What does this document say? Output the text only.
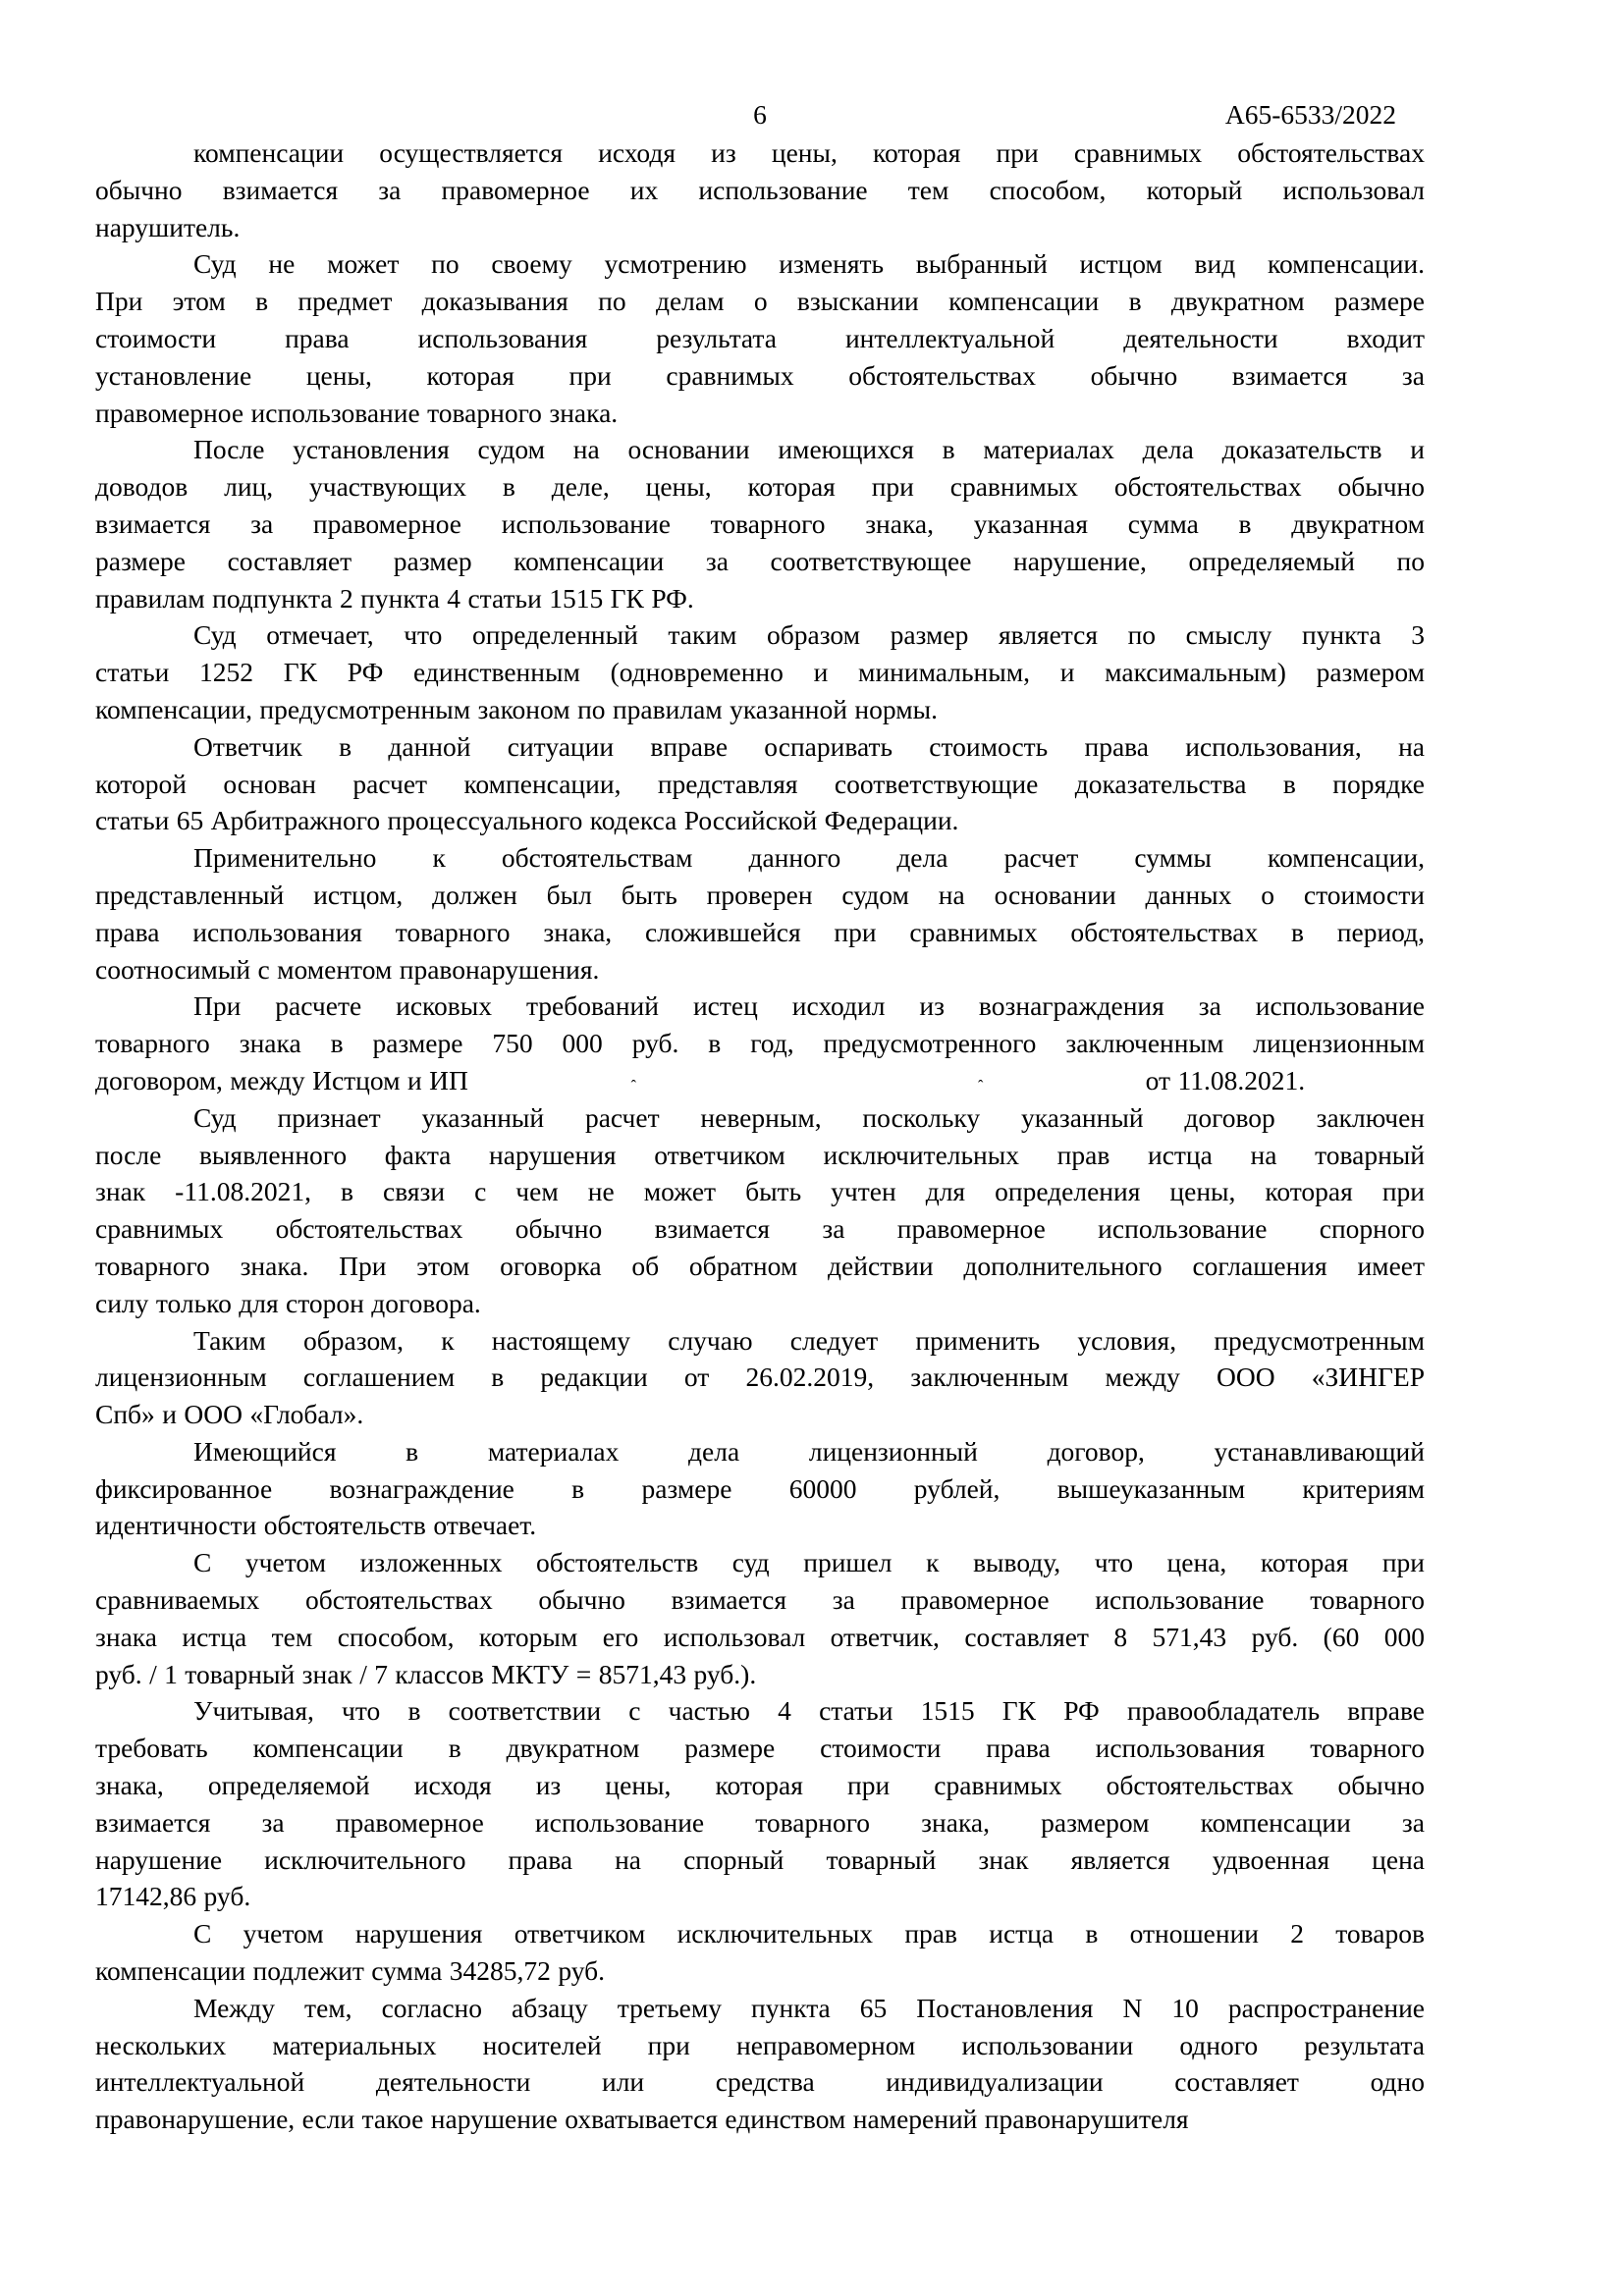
6	А65-6533/2022
компенсации осуществляется исходя из цены, которая при сравнимых обстоятельствах
обычно взимается за правомерное их использование тем способом, который использовал
нарушитель.
Суд не может по своему усмотрению изменять выбранный истцом вид компенсации.
При этом в предмет доказывания по делам о взыскании компенсации в двукратном размере
стоимости права использования результата интеллектуальной деятельности входит
установление цены, которая при сравнимых обстоятельствах обычно взимается за
правомерное использование товарного знака.
После установления судом на основании имеющихся в материалах дела доказательств и
доводов лиц, участвующих в деле, цены, которая при сравнимых обстоятельствах обычно
взимается за правомерное использование товарного знака, указанная сумма в двукратном
размере составляет размер компенсации за соответствующее нарушение, определяемый по
правилам подпункта 2 пункта 4 статьи 1515 ГК РФ.
Суд отмечает, что определенный таким образом размер является по смыслу пункта 3
статьи 1252 ГК РФ единственным (одновременно и минимальным, и максимальным) размером
компенсации, предусмотренным законом по правилам указанной нормы.
Ответчик в данной ситуации вправе оспаривать стоимость права использования, на
которой основан расчет компенсации, представляя соответствующие доказательства в порядке
статьи 65 Арбитражного процессуального кодекса Российской Федерации.
Применительно к обстоятельствам данного дела расчет суммы компенсации,
представленный истцом, должен был быть проверен судом на основании данных о стоимости
права использования товарного знака, сложившейся при сравнимых обстоятельствах в период,
соотносимый с моментом правонарушения.
При расчете исковых требований истец исходил из вознаграждения за использование
товарного знака в размере 750 000 руб. в год, предусмотренного заключенным лицензионным
договором, между Истцом и ИП	ˆ	ˆ	от 11.08.2021.
Суд признает указанный расчет неверным, поскольку указанный договор заключен
после выявленного факта нарушения ответчиком исключительных прав истца на товарный
знак -11.08.2021, в связи с чем не может быть учтен для определения цены, которая при
сравнимых обстоятельствах обычно взимается за правомерное использование спорного
товарного знака. При этом оговорка об обратном действии дополнительного соглашения имеет
силу только для сторон договора.
Таким образом, к настоящему случаю следует применить условия, предусмотренным
лицензионным соглашением в редакции от 26.02.2019, заключенным между ООО «ЗИНГЕР
Спб» и ООО «Глобал».
Имеющийся в материалах дела лицензионный договор, устанавливающий
фиксированное вознаграждение в размере 60000 рублей, вышеуказанным критериям
идентичности обстоятельств отвечает.
С учетом изложенных обстоятельств суд пришел к выводу, что цена, которая при
сравниваемых обстоятельствах обычно взимается за правомерное использование товарного
знака истца тем способом, которым его использовал ответчик, составляет 8 571,43 руб. (60 000
руб. / 1 товарный знак / 7 классов МКТУ = 8571,43 руб.).
Учитывая, что в соответствии с частью 4 статьи 1515 ГК РФ правообладатель вправе
требовать компенсации в двукратном размере стоимости права использования товарного
знака, определяемой исходя из цены, которая при сравнимых обстоятельствах обычно
взимается за правомерное использование товарного знака, размером компенсации за
нарушение исключительного права на спорный товарный знак является удвоенная цена
17142,86 руб.
С учетом нарушения ответчиком исключительных прав истца в отношении 2 товаров
компенсации подлежит сумма 34285,72 руб.
Между тем, согласно абзацу третьему пункта 65 Постановления N 10 распространение
нескольких материальных носителей при неправомерном использовании одного результата
интеллектуальной деятельности или средства индивидуализации составляет одно
правонарушение, если такое нарушение охватывается единством намерений правонарушителя
